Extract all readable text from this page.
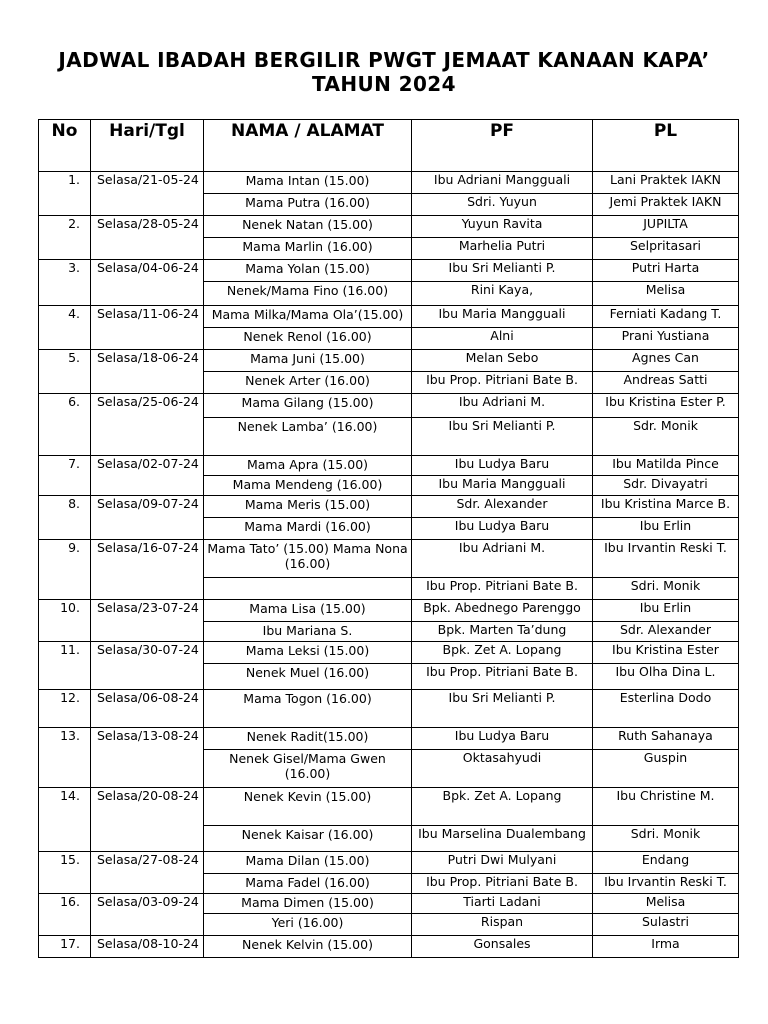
JADWAL IBADAH BERGILIR PWGT JEMAAT KANAAN KAPA’
TAHUN 2024
No	Hari/Tgl	NAMA / ALAMAT	PF	PL
1.	Selasa/21-05-24	Mama Intan (15.00)	Ibu Adriani Mangguali	Lani Praktek IAKN
		Mama Putra (16.00)	Sdri. Yuyun	Jemi Praktek IAKN
2.	Selasa/28-05-24	Nenek Natan (15.00)	Yuyun Ravita	JUPILTA
		Mama Marlin (16.00)	Marhelia Putri	Selpritasari
3.	Selasa/04-06-24	Mama Yolan (15.00)	Ibu Sri Melianti P.	Putri Harta
		Nenek/Mama Fino (16.00)	Rini Kaya,	Melisa
4.	Selasa/11-06-24	Mama Milka/Mama Ola’(15.00)	Ibu Maria Mangguali	Ferniati Kadang T.
		Nenek Renol (16.00)	Alni	Prani Yustiana
5.	Selasa/18-06-24	Mama Juni (15.00)	Melan Sebo	Agnes Can
		Nenek Arter (16.00)	Ibu Prop. Pitriani Bate B.	Andreas Satti
6.	Selasa/25-06-24	Mama Gilang (15.00)	Ibu Adriani M.	Ibu Kristina Ester P.
		Nenek Lamba’ (16.00)	Ibu Sri Melianti P.	Sdr. Monik
7.	Selasa/02-07-24	Mama Apra (15.00)	Ibu Ludya Baru	Ibu Matilda Pince
		Mama Mendeng (16.00)	Ibu Maria Mangguali	Sdr. Divayatri
8.	Selasa/09-07-24	Mama Meris (15.00)	Sdr. Alexander	Ibu Kristina Marce B.
		Mama Mardi (16.00)	Ibu Ludya Baru	Ibu Erlin
9.	Selasa/16-07-24	Mama Tato’ (15.00) Mama Nona (16.00)	Ibu Adriani M.	Ibu Irvantin Reski T.
			Ibu Prop. Pitriani Bate B.	Sdri. Monik
10.	Selasa/23-07-24	Mama Lisa (15.00)	Bpk. Abednego Parenggo	Ibu Erlin
		Ibu Mariana S.	Bpk. Marten Ta’dung	Sdr. Alexander
11.	Selasa/30-07-24	Mama Leksi (15.00)	Bpk. Zet A. Lopang	Ibu Kristina Ester
		Nenek Muel (16.00)	Ibu Prop. Pitriani Bate B.	Ibu Olha Dina L.
12.	Selasa/06-08-24	Mama Togon (16.00)	Ibu Sri Melianti P.	Esterlina Dodo
13.	Selasa/13-08-24	Nenek Radit(15.00)	Ibu Ludya Baru	Ruth Sahanaya
		Nenek Gisel/Mama Gwen (16.00)	Oktasahyudi	Guspin
14.	Selasa/20-08-24	Nenek Kevin (15.00)	Bpk. Zet A. Lopang	Ibu Christine M.
		Nenek Kaisar (16.00)	Ibu Marselina Dualembang	Sdri. Monik
15.	Selasa/27-08-24	Mama Dilan (15.00)	Putri Dwi Mulyani	Endang
		Mama Fadel (16.00)	Ibu Prop. Pitriani Bate B.	Ibu Irvantin Reski T.
16.	Selasa/03-09-24	Mama Dimen (15.00)	Tiarti Ladani	Melisa
		Yeri (16.00)	Rispan	Sulastri
17.	Selasa/08-10-24	Nenek Kelvin (15.00)	Gonsales	Irma
